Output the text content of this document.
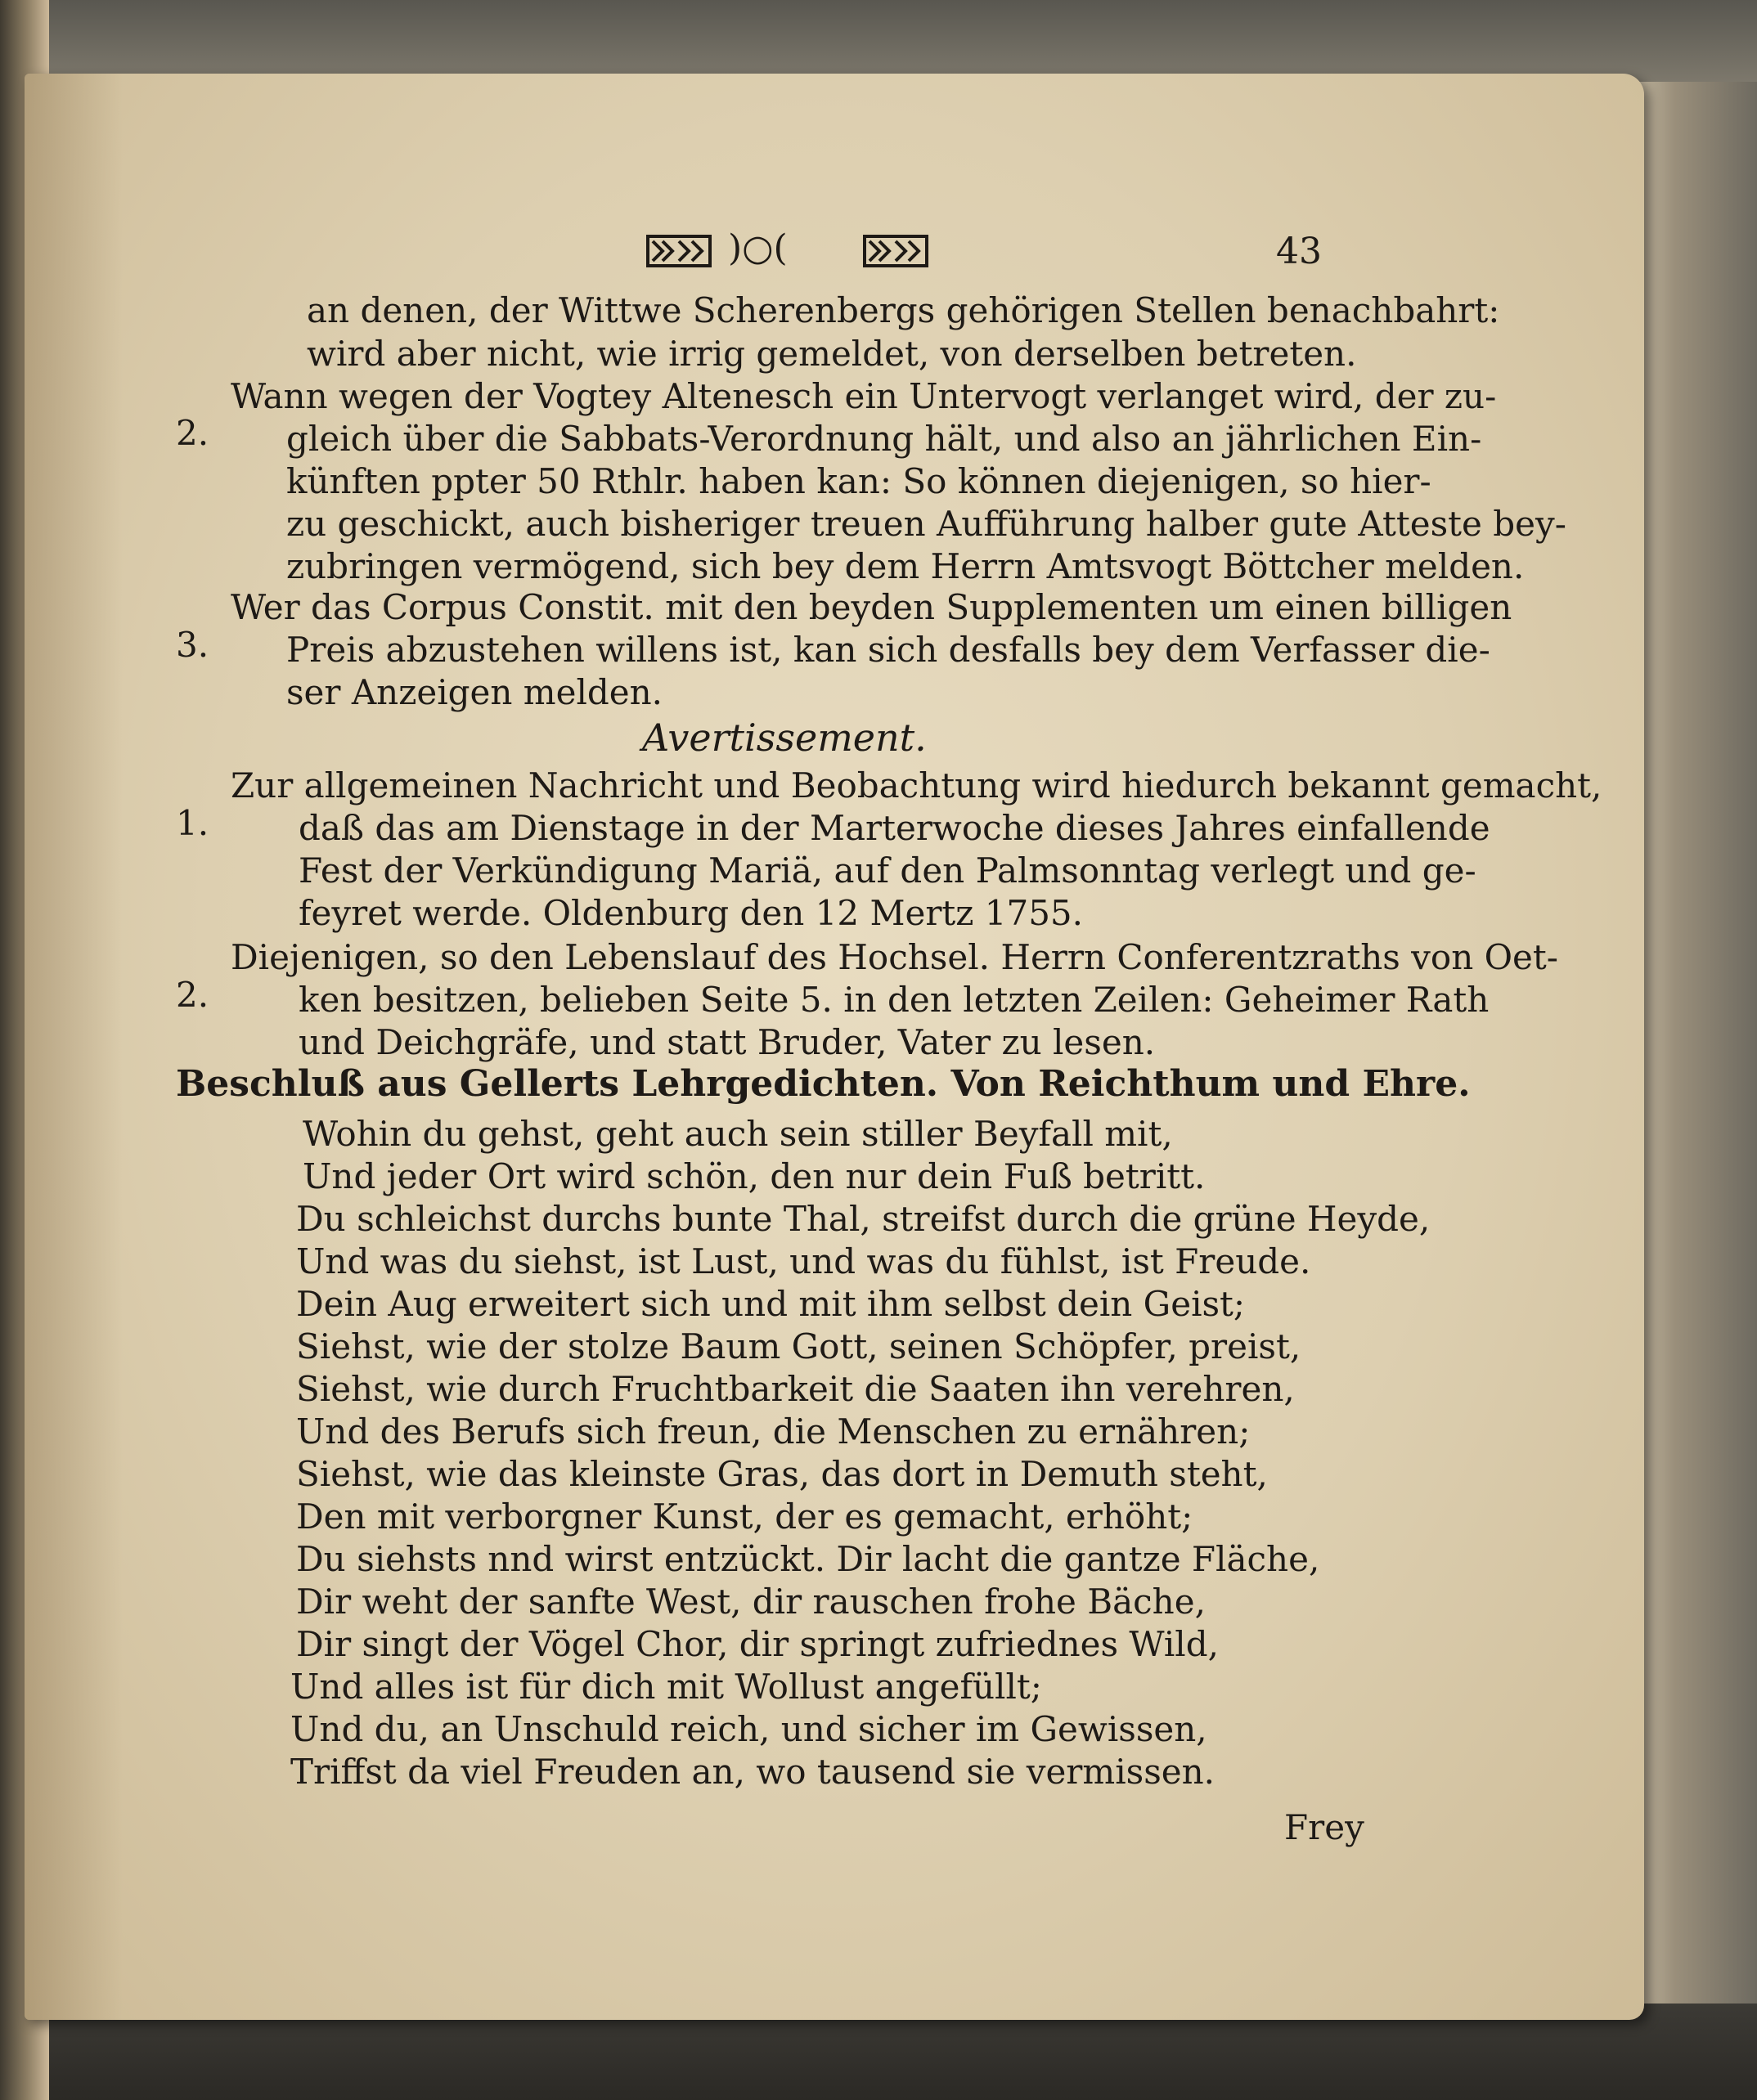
)○(	43

an denen, der Wittwe Scherenbergs gehörigen Stellen benachbahrt:

wird aber nicht, wie irrig gemeldet, von derselben betreten.

2.

Wann wegen der Vogtey Altenesch ein Untervogt verlanget wird, der zu-

gleich über die Sabbats-Verordnung hält, und also an jährlichen Ein-

künften ppter 50 Rthlr. haben kan: So können diejenigen, so hier-

zu geschickt, auch bisheriger treuen Aufführung halber gute Atteste bey-

zubringen vermögend, sich bey dem Herrn Amtsvogt Böttcher melden.

3.

Wer das Corpus Constit. mit den beyden Supplementen um einen billigen

Preis abzustehen willens ist, kan sich desfalls bey dem Verfasser die-

ser Anzeigen melden.

Avertissement.

1.

Zur allgemeinen Nachricht und Beobachtung wird hiedurch bekannt gemacht,

daß das am Dienstage in der Marterwoche dieses Jahres einfallende

Fest der Verkündigung Mariä, auf den Palmsonntag verlegt und ge-

feyret werde. Oldenburg den 12 Mertz 1755.

2.

Diejenigen, so den Lebenslauf des Hochsel. Herrn Conferentzraths von Oet-

ken besitzen, belieben Seite 5. in den letzten Zeilen: Geheimer Rath

und Deichgräfe, und statt Bruder, Vater zu lesen.

Beschluß aus Gellerts Lehrgedichten. Von Reichthum und Ehre.

Wohin du gehst, geht auch sein stiller Beyfall mit,

Und jeder Ort wird schön, den nur dein Fuß betritt.

Du schleichst durchs bunte Thal, streifst durch die grüne Heyde,

Und was du siehst, ist Lust, und was du fühlst, ist Freude.

Dein Aug erweitert sich und mit ihm selbst dein Geist;

Siehst, wie der stolze Baum Gott, seinen Schöpfer, preist,

Siehst, wie durch Fruchtbarkeit die Saaten ihn verehren,

Und des Berufs sich freun, die Menschen zu ernähren;

Siehst, wie das kleinste Gras, das dort in Demuth steht,

Den mit verborgner Kunst, der es gemacht, erhöht;

Du siehsts nnd wirst entzückt. Dir lacht die gantze Fläche,

Dir weht der sanfte West, dir rauschen frohe Bäche,

Dir singt der Vögel Chor, dir springt zufriednes Wild,

Und alles ist für dich mit Wollust angefüllt;

Und du, an Unschuld reich, und sicher im Gewissen,

Triffst da viel Freuden an, wo tausend sie vermissen.

Frey
